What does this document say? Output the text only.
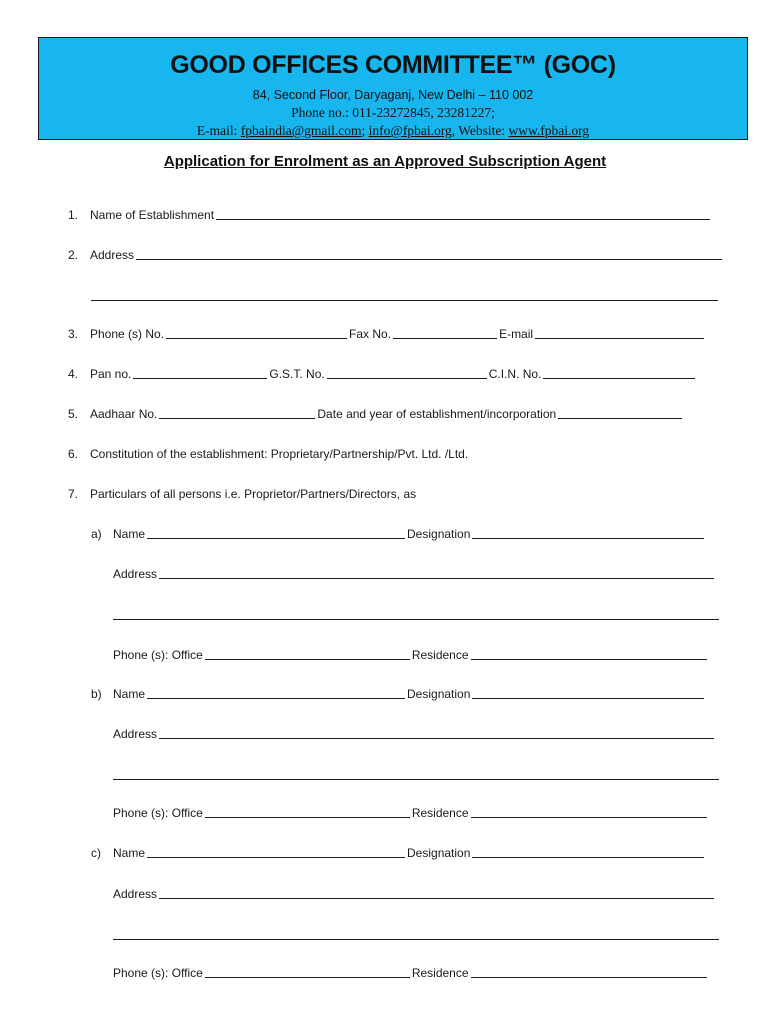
GOOD OFFICES COMMITTEE™ (GOC)
84, Second Floor, Daryaganj, New Delhi – 110 002
Phone no.: 011-23272845, 23281227;
E-mail: fpbaindia@gmail.com; info@fpbai.org, Website: www.fpbai.org
Application for Enrolment as an Approved Subscription Agent
1. Name of Establishment
2. Address
3. Phone (s) No.	Fax No.	E-mail
4. Pan no.	G.S.T. No.	C.I.N. No.
5. Aadhaar No.	Date and year of establishment/incorporation
6. Constitution of the establishment: Proprietary/Partnership/Pvt. Ltd. /Ltd.
7. Particulars of all persons i.e. Proprietor/Partners/Directors, as
a) Name	Designation
Address
Phone (s): Office	Residence
b) Name	Designation
Address
Phone (s): Office	Residence
c)	Name	Designation
Address
Phone (s): Office	Residence
